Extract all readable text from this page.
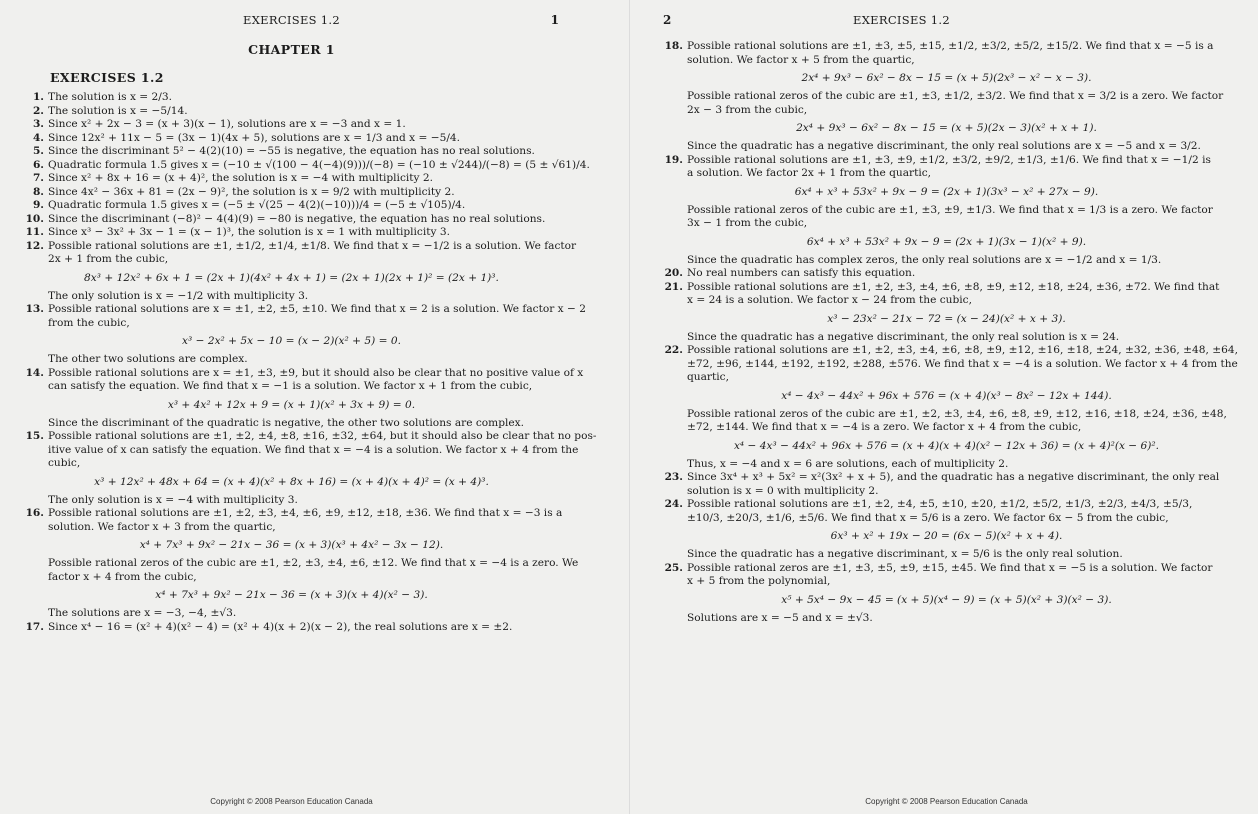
EXERCISES 1.2	1
CHAPTER 1
EXERCISES 1.2
1. The solution is x = 2/3.
2. The solution is x = −5/14.
3. Since x² + 2x − 3 = (x + 3)(x − 1), solutions are x = −3 and x = 1.
4. Since 12x² + 11x − 5 = (3x − 1)(4x + 5), solutions are x = 1/3 and x = −5/4.
5. Since the discriminant 5² − 4(2)(10) = −55 is negative, the equation has no real solutions.
6. Quadratic formula 1.5 gives x = (−10 ± √(100 − 4(−4)(9)))/(−8) = (−10 ± √244)/(−8) = (5 ± √61)/4.
7. Since x² + 8x + 16 = (x + 4)², the solution is x = −4 with multiplicity 2.
8. Since 4x² − 36x + 81 = (2x − 9)², the solution is x = 9/2 with multiplicity 2.
9. Quadratic formula 1.5 gives x = (−5 ± √(25 − 4(2)(−10)))/4 = (−5 ± √105)/4.
10. Since the discriminant (−8)² − 4(4)(9) = −80 is negative, the equation has no real solutions.
11. Since x³ − 3x² + 3x − 1 = (x − 1)³, the solution is x = 1 with multiplicity 3.
12. Possible rational solutions are ±1, ±1/2, ±1/4, ±1/8. We find that x = −1/2 is a solution. We factor
2x + 1 from the cubic,
8x³ + 12x² + 6x + 1 = (2x + 1)(4x² + 4x + 1) = (2x + 1)(2x + 1)² = (2x + 1)³.
The only solution is x = −1/2 with multiplicity 3.
13. Possible rational solutions are x = ±1, ±2, ±5, ±10. We find that x = 2 is a solution. We factor x − 2
from the cubic,
x³ − 2x² + 5x − 10 = (x − 2)(x² + 5) = 0.
The other two solutions are complex.
14. Possible rational solutions are x = ±1, ±3, ±9, but it should also be clear that no positive value of x
can satisfy the equation. We find that x = −1 is a solution. We factor x + 1 from the cubic,
x³ + 4x² + 12x + 9 = (x + 1)(x² + 3x + 9) = 0.
Since the discriminant of the quadratic is negative, the other two solutions are complex.
15. Possible rational solutions are ±1, ±2, ±4, ±8, ±16, ±32, ±64, but it should also be clear that no pos-
itive value of x can satisfy the equation. We find that x = −4 is a solution. We factor x + 4 from the
cubic,
x³ + 12x² + 48x + 64 = (x + 4)(x² + 8x + 16) = (x + 4)(x + 4)² = (x + 4)³.
The only solution is x = −4 with multiplicity 3.
16. Possible rational solutions are ±1, ±2, ±3, ±4, ±6, ±9, ±12, ±18, ±36. We find that x = −3 is a
solution. We factor x + 3 from the quartic,
x⁴ + 7x³ + 9x² − 21x − 36 = (x + 3)(x³ + 4x² − 3x − 12).
Possible rational zeros of the cubic are ±1, ±2, ±3, ±4, ±6, ±12. We find that x = −4 is a zero. We
factor x + 4 from the cubic,
x⁴ + 7x³ + 9x² − 21x − 36 = (x + 3)(x + 4)(x² − 3).
The solutions are x = −3, −4, ±√3.
17. Since x⁴ − 16 = (x² + 4)(x² − 4) = (x² + 4)(x + 2)(x − 2), the real solutions are x = ±2.
Copyright © 2008 Pearson Education Canada
2	EXERCISES 1.2
18. Possible rational solutions are ±1, ±3, ±5, ±15, ±1/2, ±3/2, ±5/2, ±15/2. We find that x = −5 is a
solution. We factor x + 5 from the quartic,
2x⁴ + 9x³ − 6x² − 8x − 15 = (x + 5)(2x³ − x² − x − 3).
Possible rational zeros of the cubic are ±1, ±3, ±1/2, ±3/2. We find that x = 3/2 is a zero. We factor
2x − 3 from the cubic,
2x⁴ + 9x³ − 6x² − 8x − 15 = (x + 5)(2x − 3)(x² + x + 1).
Since the quadratic has a negative discriminant, the only real solutions are x = −5 and x = 3/2.
19. Possible rational solutions are ±1, ±3, ±9, ±1/2, ±3/2, ±9/2, ±1/3, ±1/6. We find that x = −1/2 is
a solution. We factor 2x + 1 from the quartic,
6x⁴ + x³ + 53x² + 9x − 9 = (2x + 1)(3x³ − x² + 27x − 9).
Possible rational zeros of the cubic are ±1, ±3, ±9, ±1/3. We find that x = 1/3 is a zero. We factor
3x − 1 from the cubic,
6x⁴ + x³ + 53x² + 9x − 9 = (2x + 1)(3x − 1)(x² + 9).
Since the quadratic has complex zeros, the only real solutions are x = −1/2 and x = 1/3.
20. No real numbers can satisfy this equation.
21. Possible rational solutions are ±1, ±2, ±3, ±4, ±6, ±8, ±9, ±12, ±18, ±24, ±36, ±72. We find that
x = 24 is a solution. We factor x − 24 from the cubic,
x³ − 23x² − 21x − 72 = (x − 24)(x² + x + 3).
Since the quadratic has a negative discriminant, the only real solution is x = 24.
22. Possible rational solutions are ±1, ±2, ±3, ±4, ±6, ±8, ±9, ±12, ±16, ±18, ±24, ±32, ±36, ±48, ±64,
±72, ±96, ±144, ±192, ±192, ±288, ±576. We find that x = −4 is a solution. We factor x + 4 from the
quartic,
x⁴ − 4x³ − 44x² + 96x + 576 = (x + 4)(x³ − 8x² − 12x + 144).
Possible rational zeros of the cubic are ±1, ±2, ±3, ±4, ±6, ±8, ±9, ±12, ±16, ±18, ±24, ±36, ±48,
±72, ±144. We find that x = −4 is a zero. We factor x + 4 from the cubic,
x⁴ − 4x³ − 44x² + 96x + 576 = (x + 4)(x + 4)(x² − 12x + 36) = (x + 4)²(x − 6)².
Thus, x = −4 and x = 6 are solutions, each of multiplicity 2.
23. Since 3x⁴ + x³ + 5x² = x²(3x² + x + 5), and the quadratic has a negative discriminant, the only real
solution is x = 0 with multiplicity 2.
24. Possible rational solutions are ±1, ±2, ±4, ±5, ±10, ±20, ±1/2, ±5/2, ±1/3, ±2/3, ±4/3, ±5/3,
±10/3, ±20/3, ±1/6, ±5/6. We find that x = 5/6 is a zero. We factor 6x − 5 from the cubic,
6x³ + x² + 19x − 20 = (6x − 5)(x² + x + 4).
Since the quadratic has a negative discriminant, x = 5/6 is the only real solution.
25. Possible rational zeros are ±1, ±3, ±5, ±9, ±15, ±45. We find that x = −5 is a solution. We factor
x + 5 from the polynomial,
x⁵ + 5x⁴ − 9x − 45 = (x + 5)(x⁴ − 9) = (x + 5)(x² + 3)(x² − 3).
Solutions are x = −5 and x = ±√3.
Copyright © 2008 Pearson Education Canada
